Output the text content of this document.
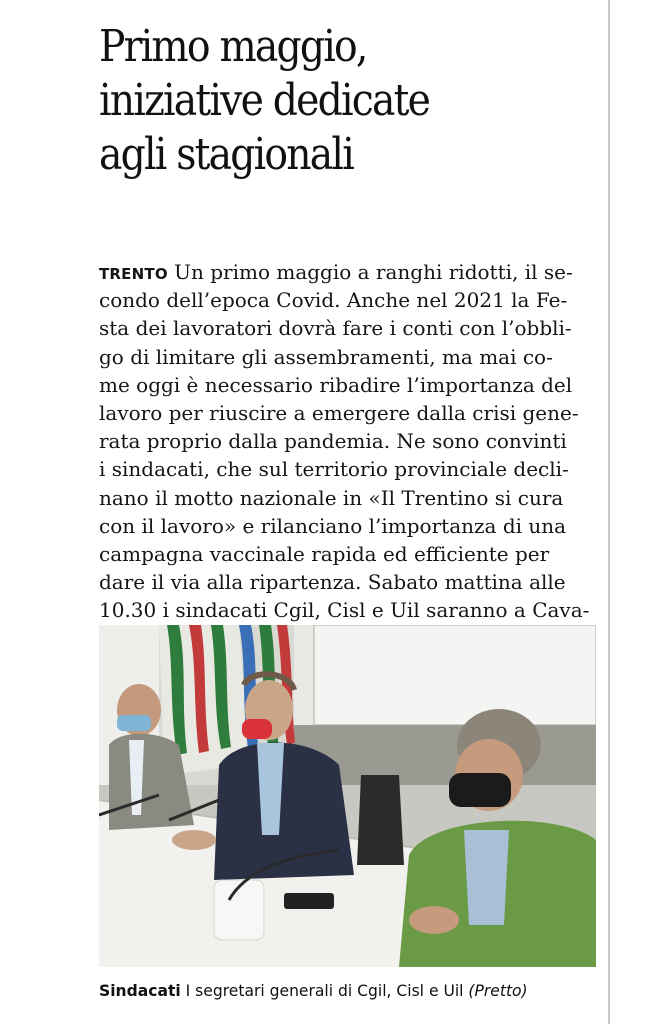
Primo maggio,
iniziative dedicate
agli stagionali
TRENTO Un primo maggio a ranghi ridotti, il se-
condo dell’epoca Covid. Anche nel 2021 la Fe-
sta dei lavoratori dovrà fare i conti con l’obbli-
go di limitare gli assembramenti, ma mai co-
me oggi è necessario ribadire l’importanza del
lavoro per riuscire a emergere dalla crisi gene-
rata proprio dalla pandemia. Ne sono convinti
i sindacati, che sul territorio provinciale decli-
nano il motto nazionale in «Il Trentino si cura
con il lavoro» e rilanciano l’importanza di una
campagna vaccinale rapida ed efficiente per
dare il via alla ripartenza. Sabato mattina alle
10.30 i sindacati Cgil, Cisl e Uil saranno a Cava-
Sindacati I segretari generali di Cgil, Cisl e Uil (Pretto)
